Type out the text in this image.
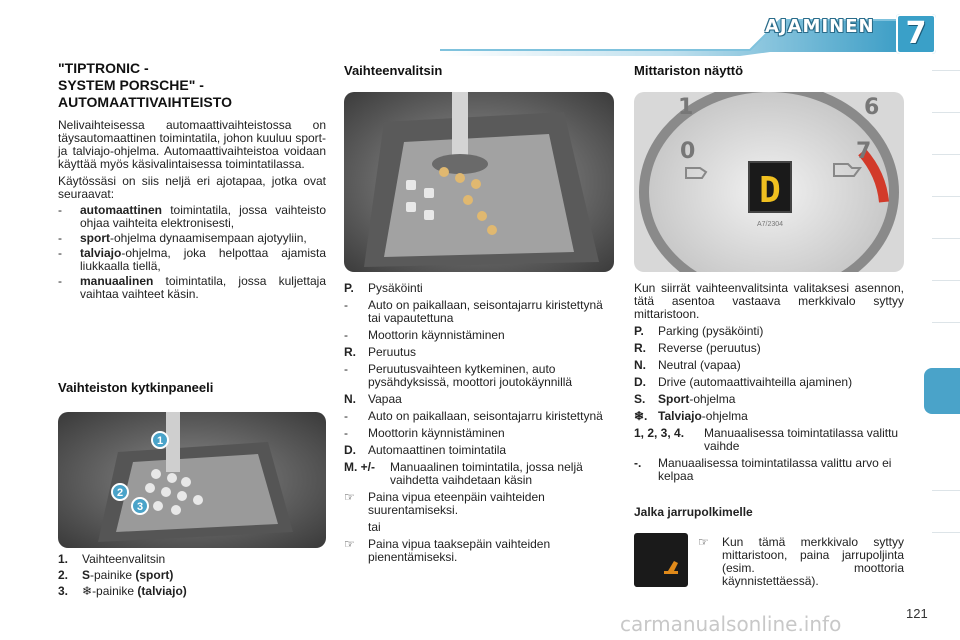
AJAMINEN	7
"TIPTRONIC -
SYSTEM PORSCHE" -
AUTOMAATTIVAIHTEISTO

Nelivaihteisessa automaattivaihteistossa on täysautomaattinen toimintatila, johon kuuluu sport- ja talviajo-ohjelma. Automaattivaihteistoa voidaan käyttää myös käsivalintaisessa toimintatilassa.

Käytössäsi on siis neljä eri ajotapaa, jotka ovat seuraavat:

- automaattinen toimintatila, jossa vaihteisto ohjaa vaihteita elektronisesti,
- sport-ohjelma dynaamisempaan ajotyyliin,
- talviajo-ohjelma, joka helpottaa ajamista liukkaalla tiellä,
- manuaalinen toimintatila, jossa kuljettaja vaihtaa vaihteet käsin.
Vaihteiston kytkinpaneeli
1
2
3
1. Vaihteenvalitsin
2. S-painike (sport)
3. ❄-painike (talviajo)
Vaihteenvalitsin
P. Pysäköinti
- Auto on paikallaan, seisontajarru kiristettynä tai vapautettuna
- Moottorin käynnistäminen
R. Peruutus
- Peruutusvaihteen kytkeminen, auto pysähdyksissä, moottori joutokäynnillä
N. Vapaa
- Auto on paikallaan, seisontajarru kiristettynä
- Moottorin käynnistäminen
D. Automaattinen toimintatila
M. +/- Manuaalinen toimintatila, jossa neljä vaihdetta vaihdetaan käsin
☞ Paina vipua eteenpäin vaihteiden suurentamiseksi.
tai
☞ Paina vipua taaksepäin vaihteiden pienentämiseksi.
Mittariston näyttö
1	6
0	7
D
A7/2304

Kun siirrät vaihteenvalitsinta valitaksesi asennon, tätä asentoa vastaava merkkivalo syttyy mittaristoon.

P. Parking (pysäköinti)
R. Reverse (peruutus)
N. Neutral (vapaa)
D. Drive (automaattivaihteilla ajaminen)
S. Sport-ohjelma
❄. Talviajo-ohjelma
1, 2, 3, 4. Manuaalisessa toimintatilassa valittu vaihde
-. Manuaalisessa toimintatilassa valittu arvo ei kelpaa
Jalka jarrupolkimelle
☞ Kun tämä merkkivalo syttyy mittaristoon, paina jarrupoljinta (esim. moottoria käynnistettäessä).
carmanualsonline.info	121
